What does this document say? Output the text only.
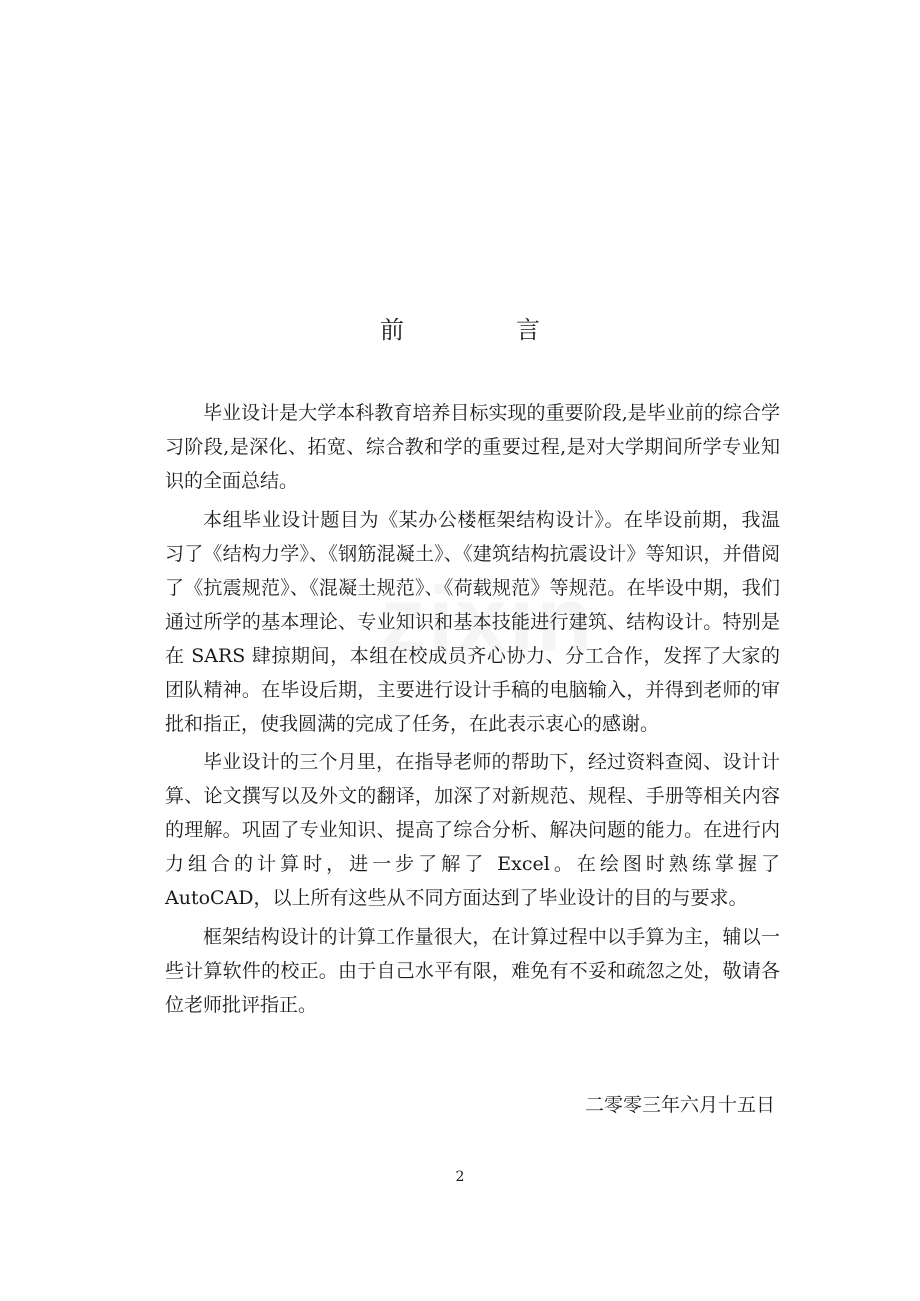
前　言

毕业设计是大学本科教育培养目标实现的重要阶段,是毕业前的综合学习阶段,是深化、拓宽、综合教和学的重要过程,是对大学期间所学专业知识的全面总结。

本组毕业设计题目为《某办公楼框架结构设计》。在毕设前期，我温习了《结构力学》、《钢筋混凝土》、《建筑结构抗震设计》等知识，并借阅了《抗震规范》、《混凝土规范》、《荷载规范》等规范。在毕设中期，我们通过所学的基本理论、专业知识和基本技能进行建筑、结构设计。特别是在 SARS 肆掠期间，本组在校成员齐心协力、分工合作，发挥了大家的团队精神。在毕设后期，主要进行设计手稿的电脑输入，并得到老师的审批和指正，使我圆满的完成了任务，在此表示衷心的感谢。

毕业设计的三个月里，在指导老师的帮助下，经过资料查阅、设计计算、论文撰写以及外文的翻译，加深了对新规范、规程、手册等相关内容的理解。巩固了专业知识、提高了综合分析、解决问题的能力。在进行内力组合的计算时，进一步了解了 Excel。在绘图时熟练掌握了 AutoCAD，以上所有这些从不同方面达到了毕业设计的目的与要求。

框架结构设计的计算工作量很大，在计算过程中以手算为主，辅以一些计算软件的校正。由于自己水平有限，难免有不妥和疏忽之处，敬请各位老师批评指正。

二零零三年六月十五日
2
